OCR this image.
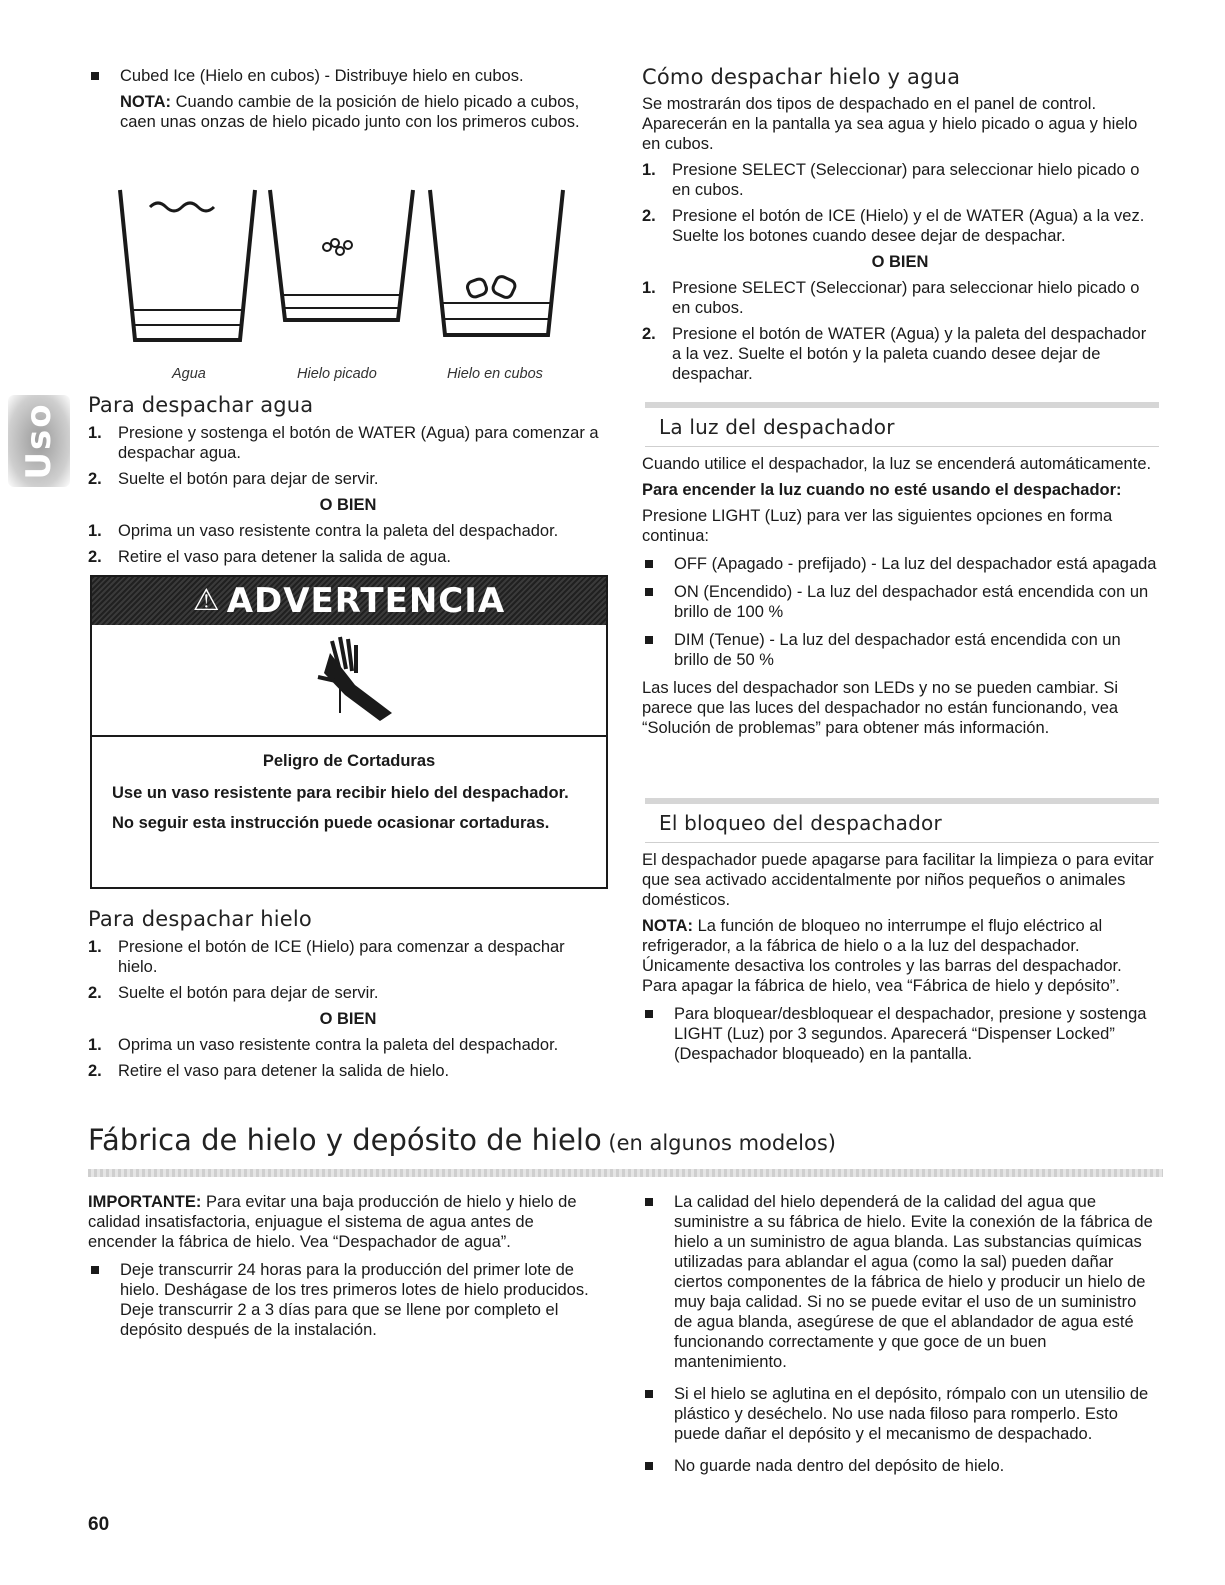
Uso
Cubed Ice (Hielo en cubos) - Distribuye hielo en cubos.

NOTA: Cuando cambie de la posición de hielo picado a cubos, caen unas onzas de hielo picado junto con los primeros cubos.

Agua	Hielo picado	Hielo en cubos
Para despachar agua
1. Presione y sostenga el botón de WATER (Agua) para comenzar a despachar agua.
2. Suelte el botón para dejar de servir.
O BIEN
1. Oprima un vaso resistente contra la paleta del despachador.
2. Retire el vaso para detener la salida de agua.
⚠ ADVERTENCIA
Peligro de Cortaduras

Use un vaso resistente para recibir hielo del despachador.

No seguir esta instrucción puede ocasionar cortaduras.

Para despachar hielo
1. Presione el botón de ICE (Hielo) para comenzar a despachar hielo.
2. Suelte el botón para dejar de servir.
O BIEN
1. Oprima un vaso resistente contra la paleta del despachador.
2. Retire el vaso para detener la salida de hielo.
Cómo despachar hielo y agua

Se mostrarán dos tipos de despachado en el panel de control. Aparecerán en la pantalla ya sea agua y hielo picado o agua y hielo en cubos.

1. Presione SELECT (Seleccionar) para seleccionar hielo picado o en cubos.
2. Presione el botón de ICE (Hielo) y el de WATER (Agua) a la vez. Suelte los botones cuando desee dejar de despachar.
O BIEN
1. Presione SELECT (Seleccionar) para seleccionar hielo picado o en cubos.
2. Presione el botón de WATER (Agua) y la paleta del despachador a la vez. Suelte el botón y la paleta cuando desee dejar de despachar.
La luz del despachador

Cuando utilice el despachador, la luz se encenderá automáticamente.

Para encender la luz cuando no esté usando el despachador:

Presione LIGHT (Luz) para ver las siguientes opciones en forma continua:

OFF (Apagado - prefijado) - La luz del despachador está apagada
ON (Encendido) - La luz del despachador está encendida con un brillo de 100 %
DIM (Tenue) - La luz del despachador está encendida con un brillo de 50 %

Las luces del despachador son LEDs y no se pueden cambiar. Si parece que las luces del despachador no están funcionando, vea “Solución de problemas” para obtener más información.

El bloqueo del despachador

El despachador puede apagarse para facilitar la limpieza o para evitar que sea activado accidentalmente por niños pequeños o animales domésticos.

NOTA: La función de bloqueo no interrumpe el flujo eléctrico al refrigerador, a la fábrica de hielo o a la luz del despachador. Únicamente desactiva los controles y las barras del despachador. Para apagar la fábrica de hielo, vea “Fábrica de hielo y depósito”.

Para bloquear/desbloquear el despachador, presione y sostenga LIGHT (Luz) por 3 segundos. Aparecerá “Dispenser Locked” (Despachador bloqueado) en la pantalla.
Fábrica de hielo y depósito de hielo (en algunos modelos)

IMPORTANTE: Para evitar una baja producción de hielo y hielo de calidad insatisfactoria, enjuague el sistema de agua antes de encender la fábrica de hielo. Vea “Despachador de agua”.

Deje transcurrir 24 horas para la producción del primer lote de hielo. Deshágase de los tres primeros lotes de hielo producidos. Deje transcurrir 2 a 3 días para que se llene por completo el depósito después de la instalación.
La calidad del hielo dependerá de la calidad del agua que suministre a su fábrica de hielo. Evite la conexión de la fábrica de hielo a un suministro de agua blanda. Las substancias químicas utilizadas para ablandar el agua (como la sal) pueden dañar ciertos componentes de la fábrica de hielo y producir un hielo de muy baja calidad. Si no se puede evitar el uso de un suministro de agua blanda, asegúrese de que el ablandador de agua esté funcionando correctamente y que goce de un buen mantenimiento.
Si el hielo se aglutina en el depósito, rómpalo con un utensilio de plástico y deséchelo. No use nada filoso para romperlo. Esto puede dañar el depósito y el mecanismo de despachado.
No guarde nada dentro del depósito de hielo.
60
